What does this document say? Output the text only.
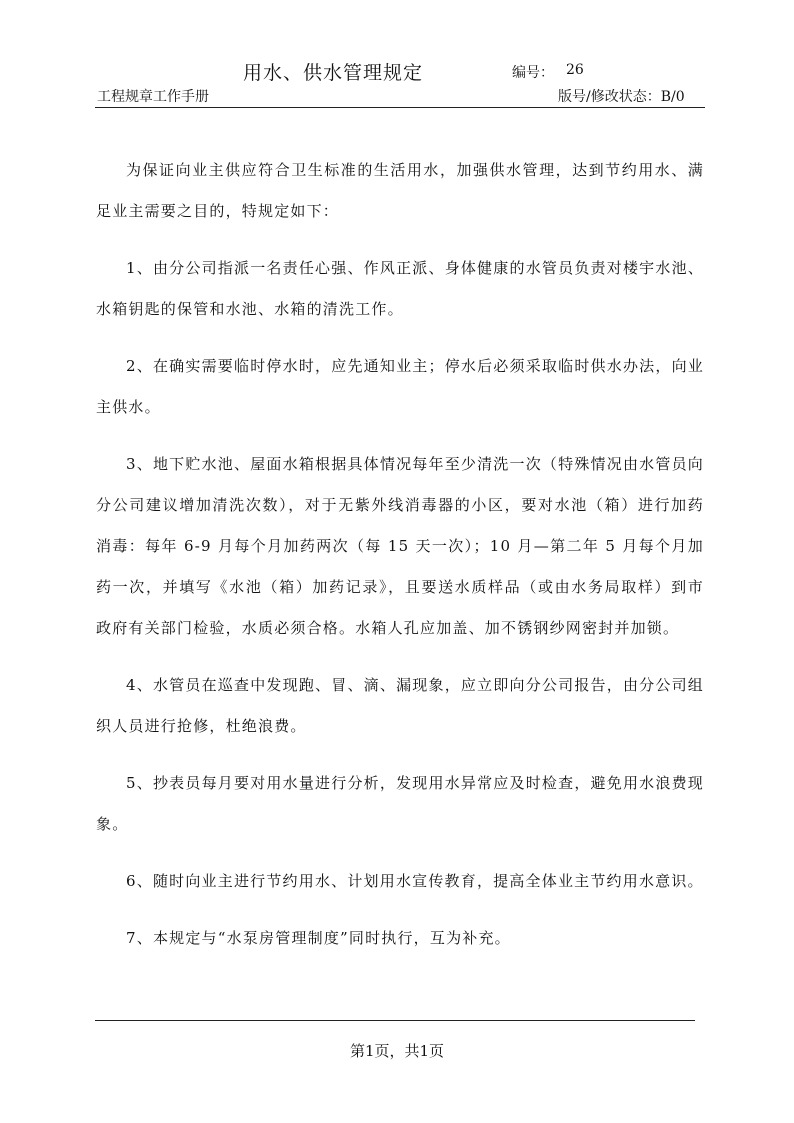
用水、供水管理规定	编号： 26
工程规章工作手册	版号/修改状态：B/0

为保证向业主供应符合卫生标准的生活用水，加强供水管理，达到节约用水、满足业主需要之目的，特规定如下：

1、由分公司指派一名责任心强、作风正派、身体健康的水管员负责对楼宇水池、水箱钥匙的保管和水池、水箱的清洗工作。

2、在确实需要临时停水时，应先通知业主；停水后必须采取临时供水办法，向业主供水。

3、地下贮水池、屋面水箱根据具体情况每年至少清洗一次（特殊情况由水管员向分公司建议增加清洗次数），对于无紫外线消毒器的小区，要对水池（箱）进行加药消毒：每年 6-9 月每个月加药两次（每 15 天一次）；10 月—第二年 5 月每个月加药一次，并填写《水池（箱）加药记录》，且要送水质样品（或由水务局取样）到市政府有关部门检验，水质必须合格。水箱人孔应加盖、加不锈钢纱网密封并加锁。

4、水管员在巡查中发现跑、冒、滴、漏现象，应立即向分公司报告，由分公司组织人员进行抢修，杜绝浪费。

5、抄表员每月要对用水量进行分析，发现用水异常应及时检查，避免用水浪费现象。

6、随时向业主进行节约用水、计划用水宣传教育，提高全体业主节约用水意识。

7、本规定与“水泵房管理制度”同时执行，互为补充。

第1页，共1页
